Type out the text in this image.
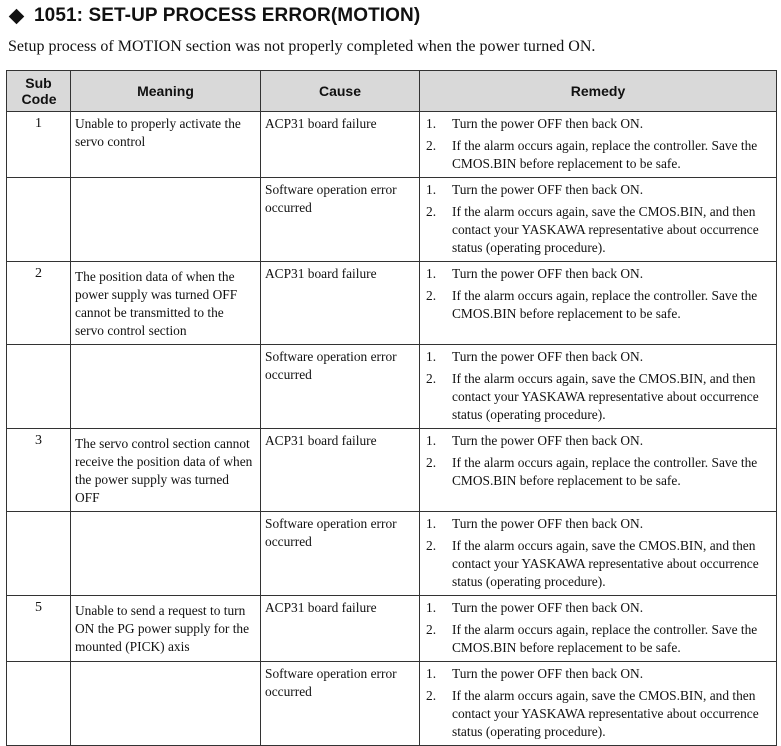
1051: SET-UP PROCESS ERROR(MOTION)
Setup process of MOTION section was not properly completed when the power turned ON.
Sub Code	Meaning	Cause	Remedy
1	Unable to properly activate the servo control	ACP31 board failure	1. Turn the power OFF then back ON.
2. If the alarm occurs again, replace the controller. Save the CMOS.BIN before replacement to be safe.

		Software operation error occurred	1. Turn the power OFF then back ON.
2. If the alarm occurs again, save the CMOS.BIN, and then contact your YASKAWA representative about occurrence status (operating procedure).

2	The position data of when the power supply was turned OFF cannot be transmitted to the servo control section	ACP31 board failure	1. Turn the power OFF then back ON.
2. If the alarm occurs again, replace the controller. Save the CMOS.BIN before replacement to be safe.

		Software operation error occurred	1. Turn the power OFF then back ON.
2. If the alarm occurs again, save the CMOS.BIN, and then contact your YASKAWA representative about occurrence status (operating procedure).

3	The servo control section cannot receive the position data of when the power supply was turned OFF	ACP31 board failure	1. Turn the power OFF then back ON.
2. If the alarm occurs again, replace the controller. Save the CMOS.BIN before replacement to be safe.

		Software operation error occurred	1. Turn the power OFF then back ON.
2. If the alarm occurs again, save the CMOS.BIN, and then contact your YASKAWA representative about occurrence status (operating procedure).

5	Unable to send a request to turn ON the PG power supply for the mounted (PICK) axis	ACP31 board failure	1. Turn the power OFF then back ON.
2. If the alarm occurs again, replace the controller. Save the CMOS.BIN before replacement to be safe.

		Software operation error occurred	1. Turn the power OFF then back ON.
2. If the alarm occurs again, save the CMOS.BIN, and then contact your YASKAWA representative about occurrence status (operating procedure).
